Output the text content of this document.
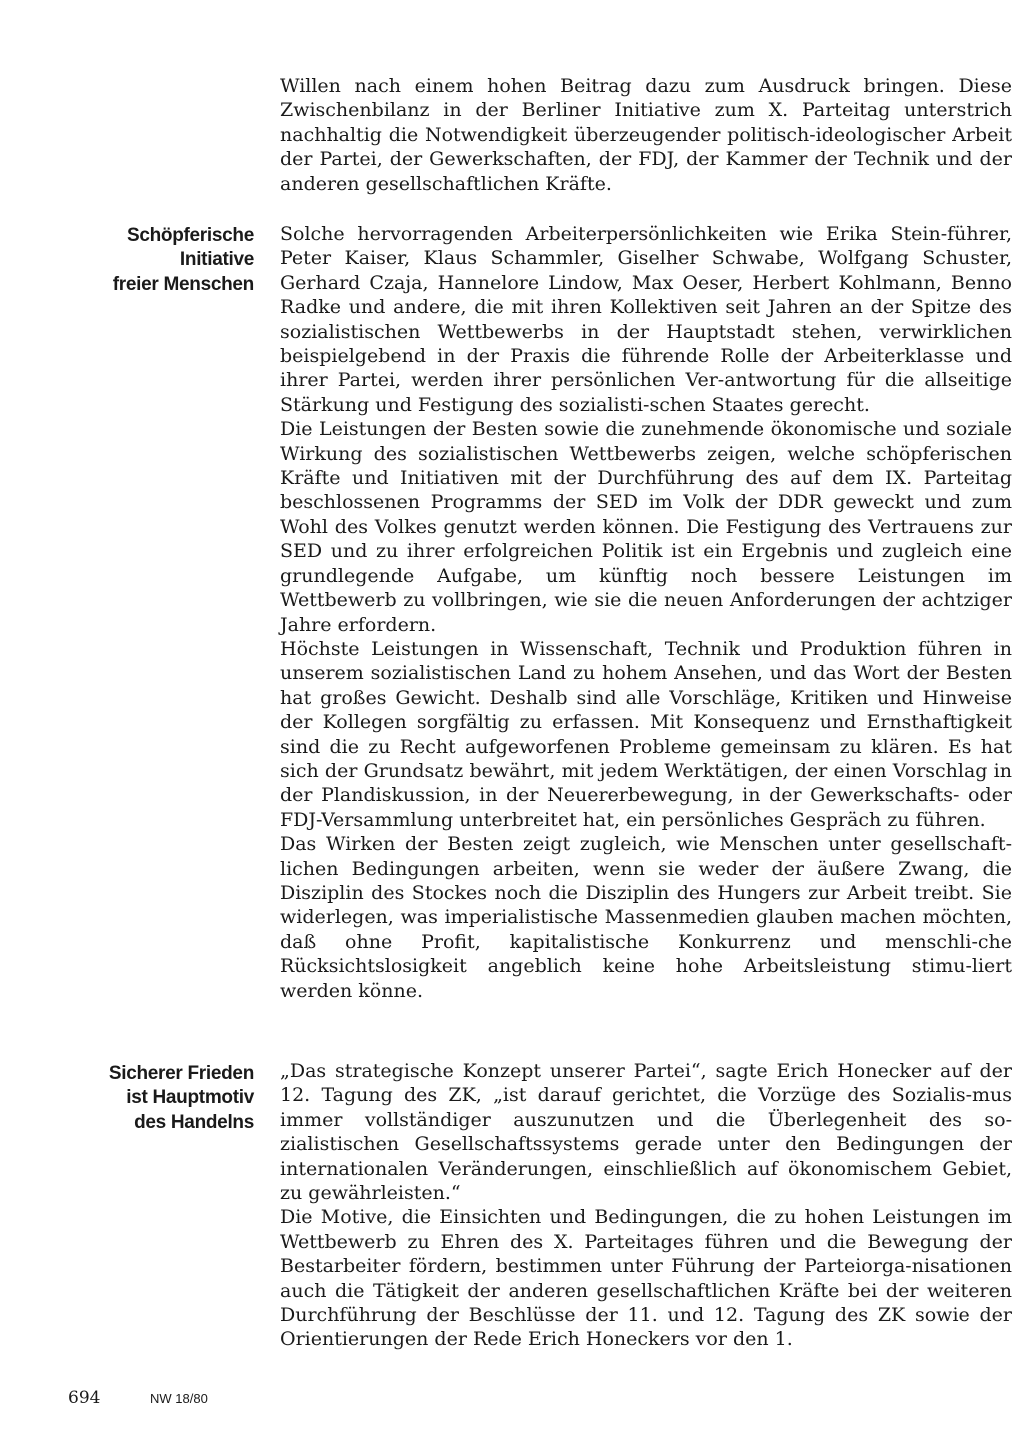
Willen nach einem hohen Beitrag dazu zum Ausdruck bringen. Diese Zwischenbilanz in der Berliner Initiative zum X. Parteitag unterstrich nachhaltig die Notwendigkeit überzeugender politisch-ideologischer Arbeit der Partei, der Gewerkschaften, der FDJ, der Kammer der Technik und der anderen gesellschaftlichen Kräfte.

Schöpferische
Initiative
freier Menschen

Solche hervorragenden Arbeiterpersönlichkeiten wie Erika Stein-führer, Peter Kaiser, Klaus Schammler, Giselher Schwabe, Wolfgang Schuster, Gerhard Czaja, Hannelore Lindow, Max Oeser, Herbert Kohlmann, Benno Radke und andere, die mit ihren Kollektiven seit Jahren an der Spitze des sozialistischen Wettbewerbs in der Hauptstadt stehen, verwirklichen beispielgebend in der Praxis die führende Rolle der Arbeiterklasse und ihrer Partei, werden ihrer persönlichen Ver-antwortung für die allseitige Stärkung und Festigung des sozialisti-schen Staates gerecht.

Die Leistungen der Besten sowie die zunehmende ökonomische und soziale Wirkung des sozialistischen Wettbewerbs zeigen, welche schöpferischen Kräfte und Initiativen mit der Durchführung des auf dem IX. Parteitag beschlossenen Programms der SED im Volk der DDR geweckt und zum Wohl des Volkes genutzt werden können. Die Festigung des Vertrauens zur SED und zu ihrer erfolgreichen Politik ist ein Ergebnis und zugleich eine grundlegende Aufgabe, um künftig noch bessere Leistungen im Wettbewerb zu vollbringen, wie sie die neuen Anforderungen der achtziger Jahre erfordern.

Höchste Leistungen in Wissenschaft, Technik und Produktion führen in unserem sozialistischen Land zu hohem Ansehen, und das Wort der Besten hat großes Gewicht. Deshalb sind alle Vorschläge, Kritiken und Hinweise der Kollegen sorgfältig zu erfassen. Mit Konsequenz und Ernsthaftigkeit sind die zu Recht aufgeworfenen Probleme gemeinsam zu klären. Es hat sich der Grundsatz bewährt, mit jedem Werktätigen, der einen Vorschlag in der Plandiskussion, in der Neuererbewegung, in der Gewerkschafts- oder FDJ-Versammlung unterbreitet hat, ein persönliches Gespräch zu führen.

Das Wirken der Besten zeigt zugleich, wie Menschen unter gesellschaft-lichen Bedingungen arbeiten, wenn sie weder der äußere Zwang, die Disziplin des Stockes noch die Disziplin des Hungers zur Arbeit treibt. Sie widerlegen, was imperialistische Massenmedien glauben machen möchten, daß ohne Profit, kapitalistische Konkurrenz und menschli-che Rücksichtslosigkeit angeblich keine hohe Arbeitsleistung stimu-liert werden könne.

Sicherer Frieden
ist Hauptmotiv
des Handelns

„Das strategische Konzept unserer Partei“, sagte Erich Honecker auf der 12. Tagung des ZK, „ist darauf gerichtet, die Vorzüge des Sozialis-mus immer vollständiger auszunutzen und die Überlegenheit des so-zialistischen Gesellschaftssystems gerade unter den Bedingungen der internationalen Veränderungen, einschließlich auf ökonomischem Gebiet, zu gewährleisten.“

Die Motive, die Einsichten und Bedingungen, die zu hohen Leistungen im Wettbewerb zu Ehren des X. Parteitages führen und die Bewegung der Bestarbeiter fördern, bestimmen unter Führung der Parteiorga-nisationen auch die Tätigkeit der anderen gesellschaftlichen Kräfte bei der weiteren Durchführung der Beschlüsse der 11. und 12. Tagung des ZK sowie der Orientierungen der Rede Erich Honeckers vor den 1.

694	NW 18/80
